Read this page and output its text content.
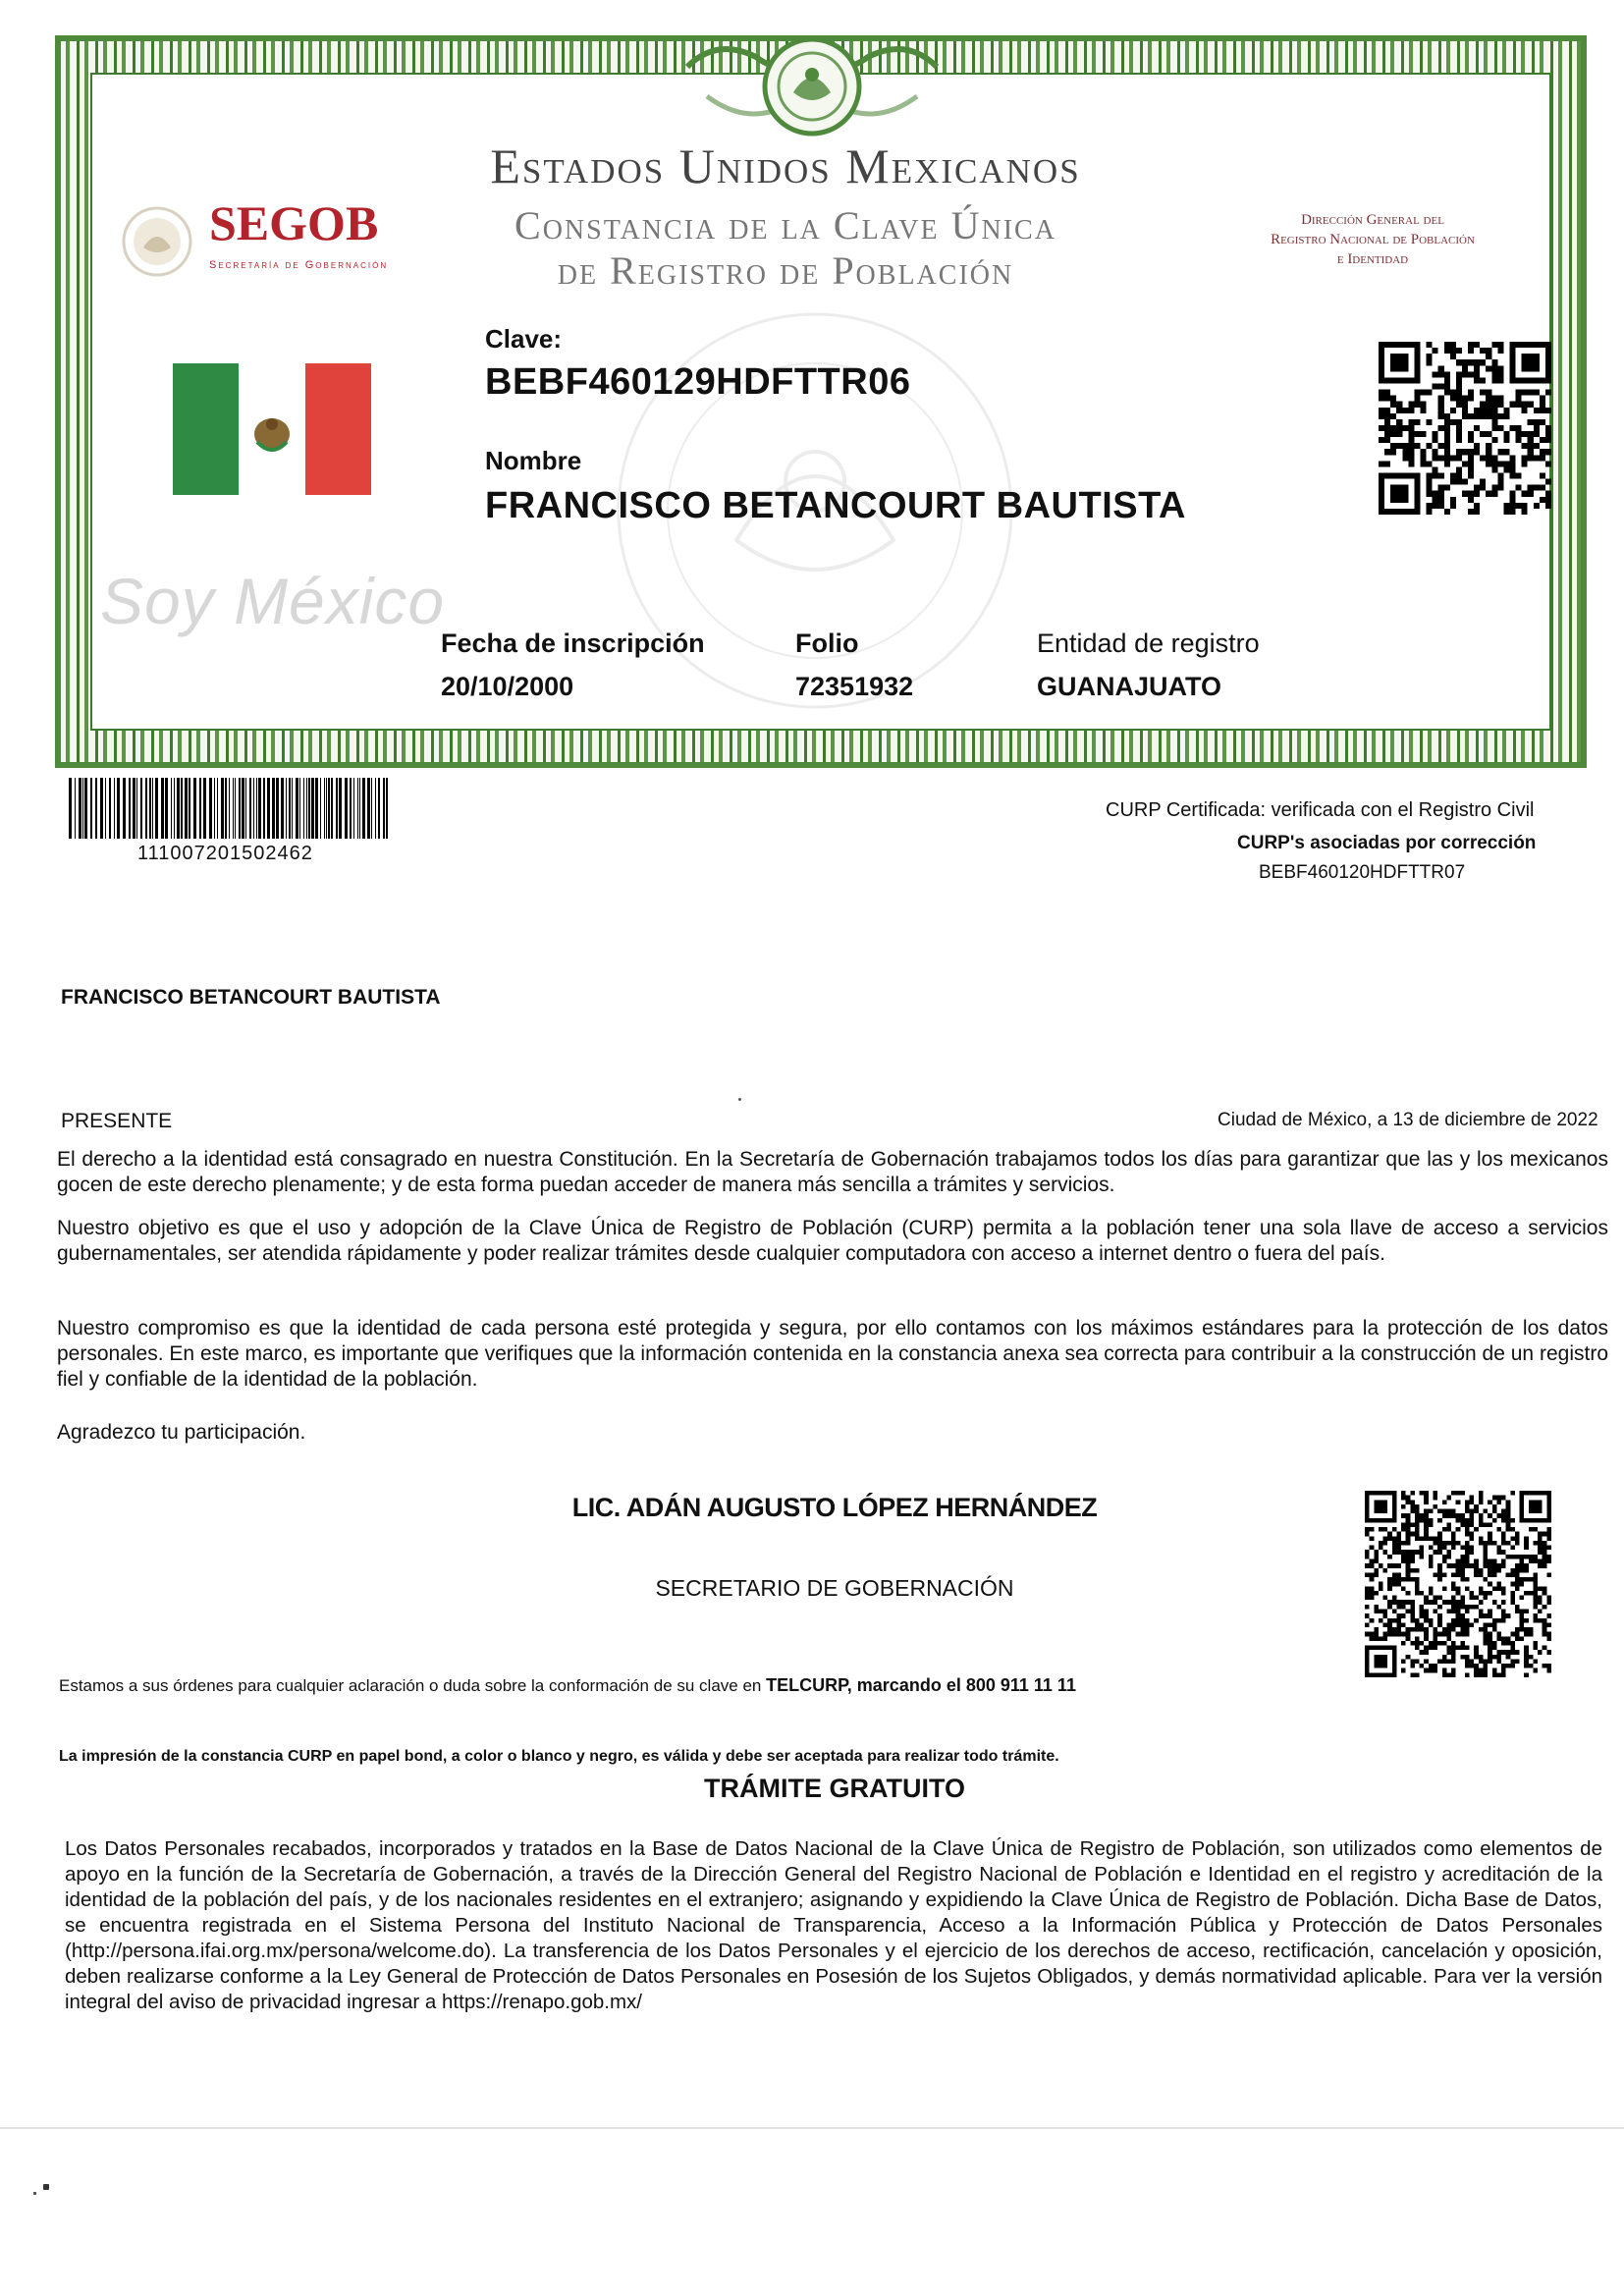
Estados Unidos Mexicanos
Constancia de la Clave Única
de Registro de Población
SEGOB
Secretaría de Gobernación
Dirección General del
Registro Nacional de Población
e Identidad
Clave:
BEBF460129HDFTTR06
Nombre
FRANCISCO BETANCOURT BAUTISTA
Soy México
Fecha de inscripción
20/10/2000
Folio
72351932
Entidad de registro
GUANAJUATO
111007201502462
CURP Certificada: verificada con el Registro Civil
CURP's asociadas por corrección
BEBF460120HDFTTR07
FRANCISCO BETANCOURT BAUTISTA
PRESENTE	Ciudad de México, a 13 de diciembre de 2022
El derecho a la identidad está consagrado en nuestra Constitución. En la Secretaría de Gobernación trabajamos todos los días para garantizar que las y los mexicanos gocen de este derecho plenamente; y de esta forma puedan acceder de manera más sencilla a trámites y servicios.
Nuestro objetivo es que el uso y adopción de la Clave Única de Registro de Población (CURP) permita a la población tener una sola llave de acceso a servicios gubernamentales, ser atendida rápidamente y poder realizar trámites desde cualquier computadora con acceso a internet dentro o fuera del país.
Nuestro compromiso es que la identidad de cada persona esté protegida y segura, por ello contamos con los máximos estándares para la protección de los datos personales. En este marco, es importante que verifiques que la información contenida en la constancia anexa sea correcta para contribuir a la construcción de un registro fiel y confiable de la identidad de la población.
Agradezco tu participación.
LIC. ADÁN AUGUSTO LÓPEZ HERNÁNDEZ
SECRETARIO DE GOBERNACIÓN
Estamos a sus órdenes para cualquier aclaración o duda sobre la conformación de su clave en TELCURP, marcando el 800 911 11 11
La impresión de la constancia CURP en papel bond, a color o blanco y negro, es válida y debe ser aceptada para realizar todo trámite.
TRÁMITE GRATUITO
Los Datos Personales recabados, incorporados y tratados en la Base de Datos Nacional de la Clave Única de Registro de Población, son utilizados como elementos de apoyo en la función de la Secretaría de Gobernación, a través de la Dirección General del Registro Nacional de Población e Identidad en el registro y acreditación de la identidad de la población del país, y de los nacionales residentes en el extranjero; asignando y expidiendo la Clave Única de Registro de Población. Dicha Base de Datos, se encuentra registrada en el Sistema Persona del Instituto Nacional de Transparencia, Acceso a la Información Pública y Protección de Datos Personales (http://persona.ifai.org.mx/persona/welcome.do). La transferencia de los Datos Personales y el ejercicio de los derechos de acceso, rectificación, cancelación y oposición, deben realizarse conforme a la Ley General de Protección de Datos Personales en Posesión de los Sujetos Obligados, y demás normatividad aplicable. Para ver la versión integral del aviso de privacidad ingresar a https://renapo.gob.mx/
